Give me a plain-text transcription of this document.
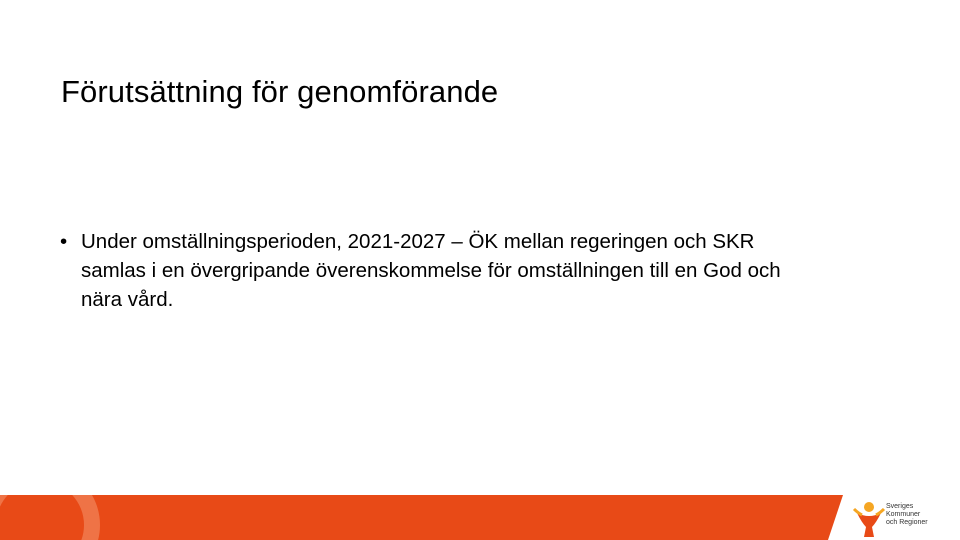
Förutsättning för genomförande
• Under omställningsperioden, 2021-2027 – ÖK mellan regeringen och SKR samlas i en övergripande överenskommelse för omställningen till en God och nära vård.
Sveriges
Kommuner
och Regioner
